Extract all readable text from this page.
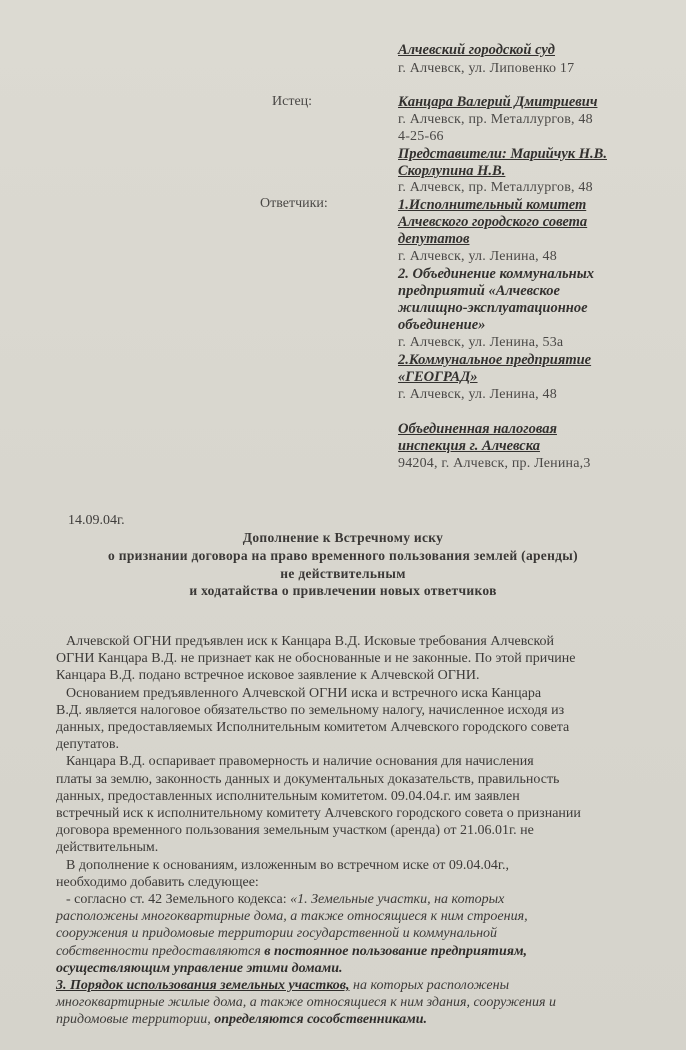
Алчевский городской суд
г. Алчевск, ул. Липовенко 17
Истец:	Канцара Валерий Дмитриевич
г. Алчевск, пр. Металлургов, 48
4-25-66
Представители: Марийчук Н.В.
Скорлупина Н.В.
г. Алчевск, пр. Металлургов, 48
Ответчики:	1.Исполнительный комитет
Алчевского городского совета
депутатов
г. Алчевск, ул. Ленина, 48
2. Объединение коммунальных
предприятий «Алчевское
жилищно-эксплуатационное
объединение»
г. Алчевск, ул. Ленина, 53а
2.Коммунальное предприятие
«ГЕОГРАД»
г. Алчевск, ул. Ленина, 48
Объединенная налоговая
инспекция г. Алчевска
94204, г. Алчевск, пр. Ленина,3
14.09.04г.
Дополнение к Встречному иску
о признании договора на право временного пользования землей (аренды)
не действительным
и ходатайства о привлечении новых ответчиков
Алчевской ОГНИ предъявлен иск к Канцара В.Д. Исковые требования Алчевской
ОГНИ Канцара В.Д. не признает как не обоснованные и не законные. По этой причине
Канцара В.Д. подано встречное исковое заявление к Алчевской ОГНИ.
Основанием предъявленного Алчевской ОГНИ иска и встречного иска Канцара
В.Д. является налоговое обязательство по земельному налогу, начисленное исходя из
данных, предоставляемых Исполнительным комитетом Алчевского городского совета
депутатов.
Канцара В.Д. оспаривает правомерность и наличие основания для начисления
платы за землю, законность данных и документальных доказательств, правильность
данных, предоставленных исполнительным комитетом. 09.04.04.г. им заявлен
встречный иск к исполнительному комитету Алчевского городского совета о признании
договора временного пользования земельным участком (аренда) от 21.06.01г. не
действительным.
В дополнение к основаниям, изложенным во встречном иске от 09.04.04г.,
необходимо добавить следующее:
- согласно ст. 42 Земельного кодекса: «1. Земельные участки, на которых
расположены многоквартирные дома, а также относящиеся к ним строения,
сооружения и придомовые территории государственной и коммунальной
собственности предоставляются в постоянное пользование предприятиям,
осуществляющим управление этими домами.
3. Порядок использования земельных участков, на которых расположены
многоквартирные жилые дома, а также относящиеся к ним здания, сооружения и
придомовые территории, определяются сособственниками.
